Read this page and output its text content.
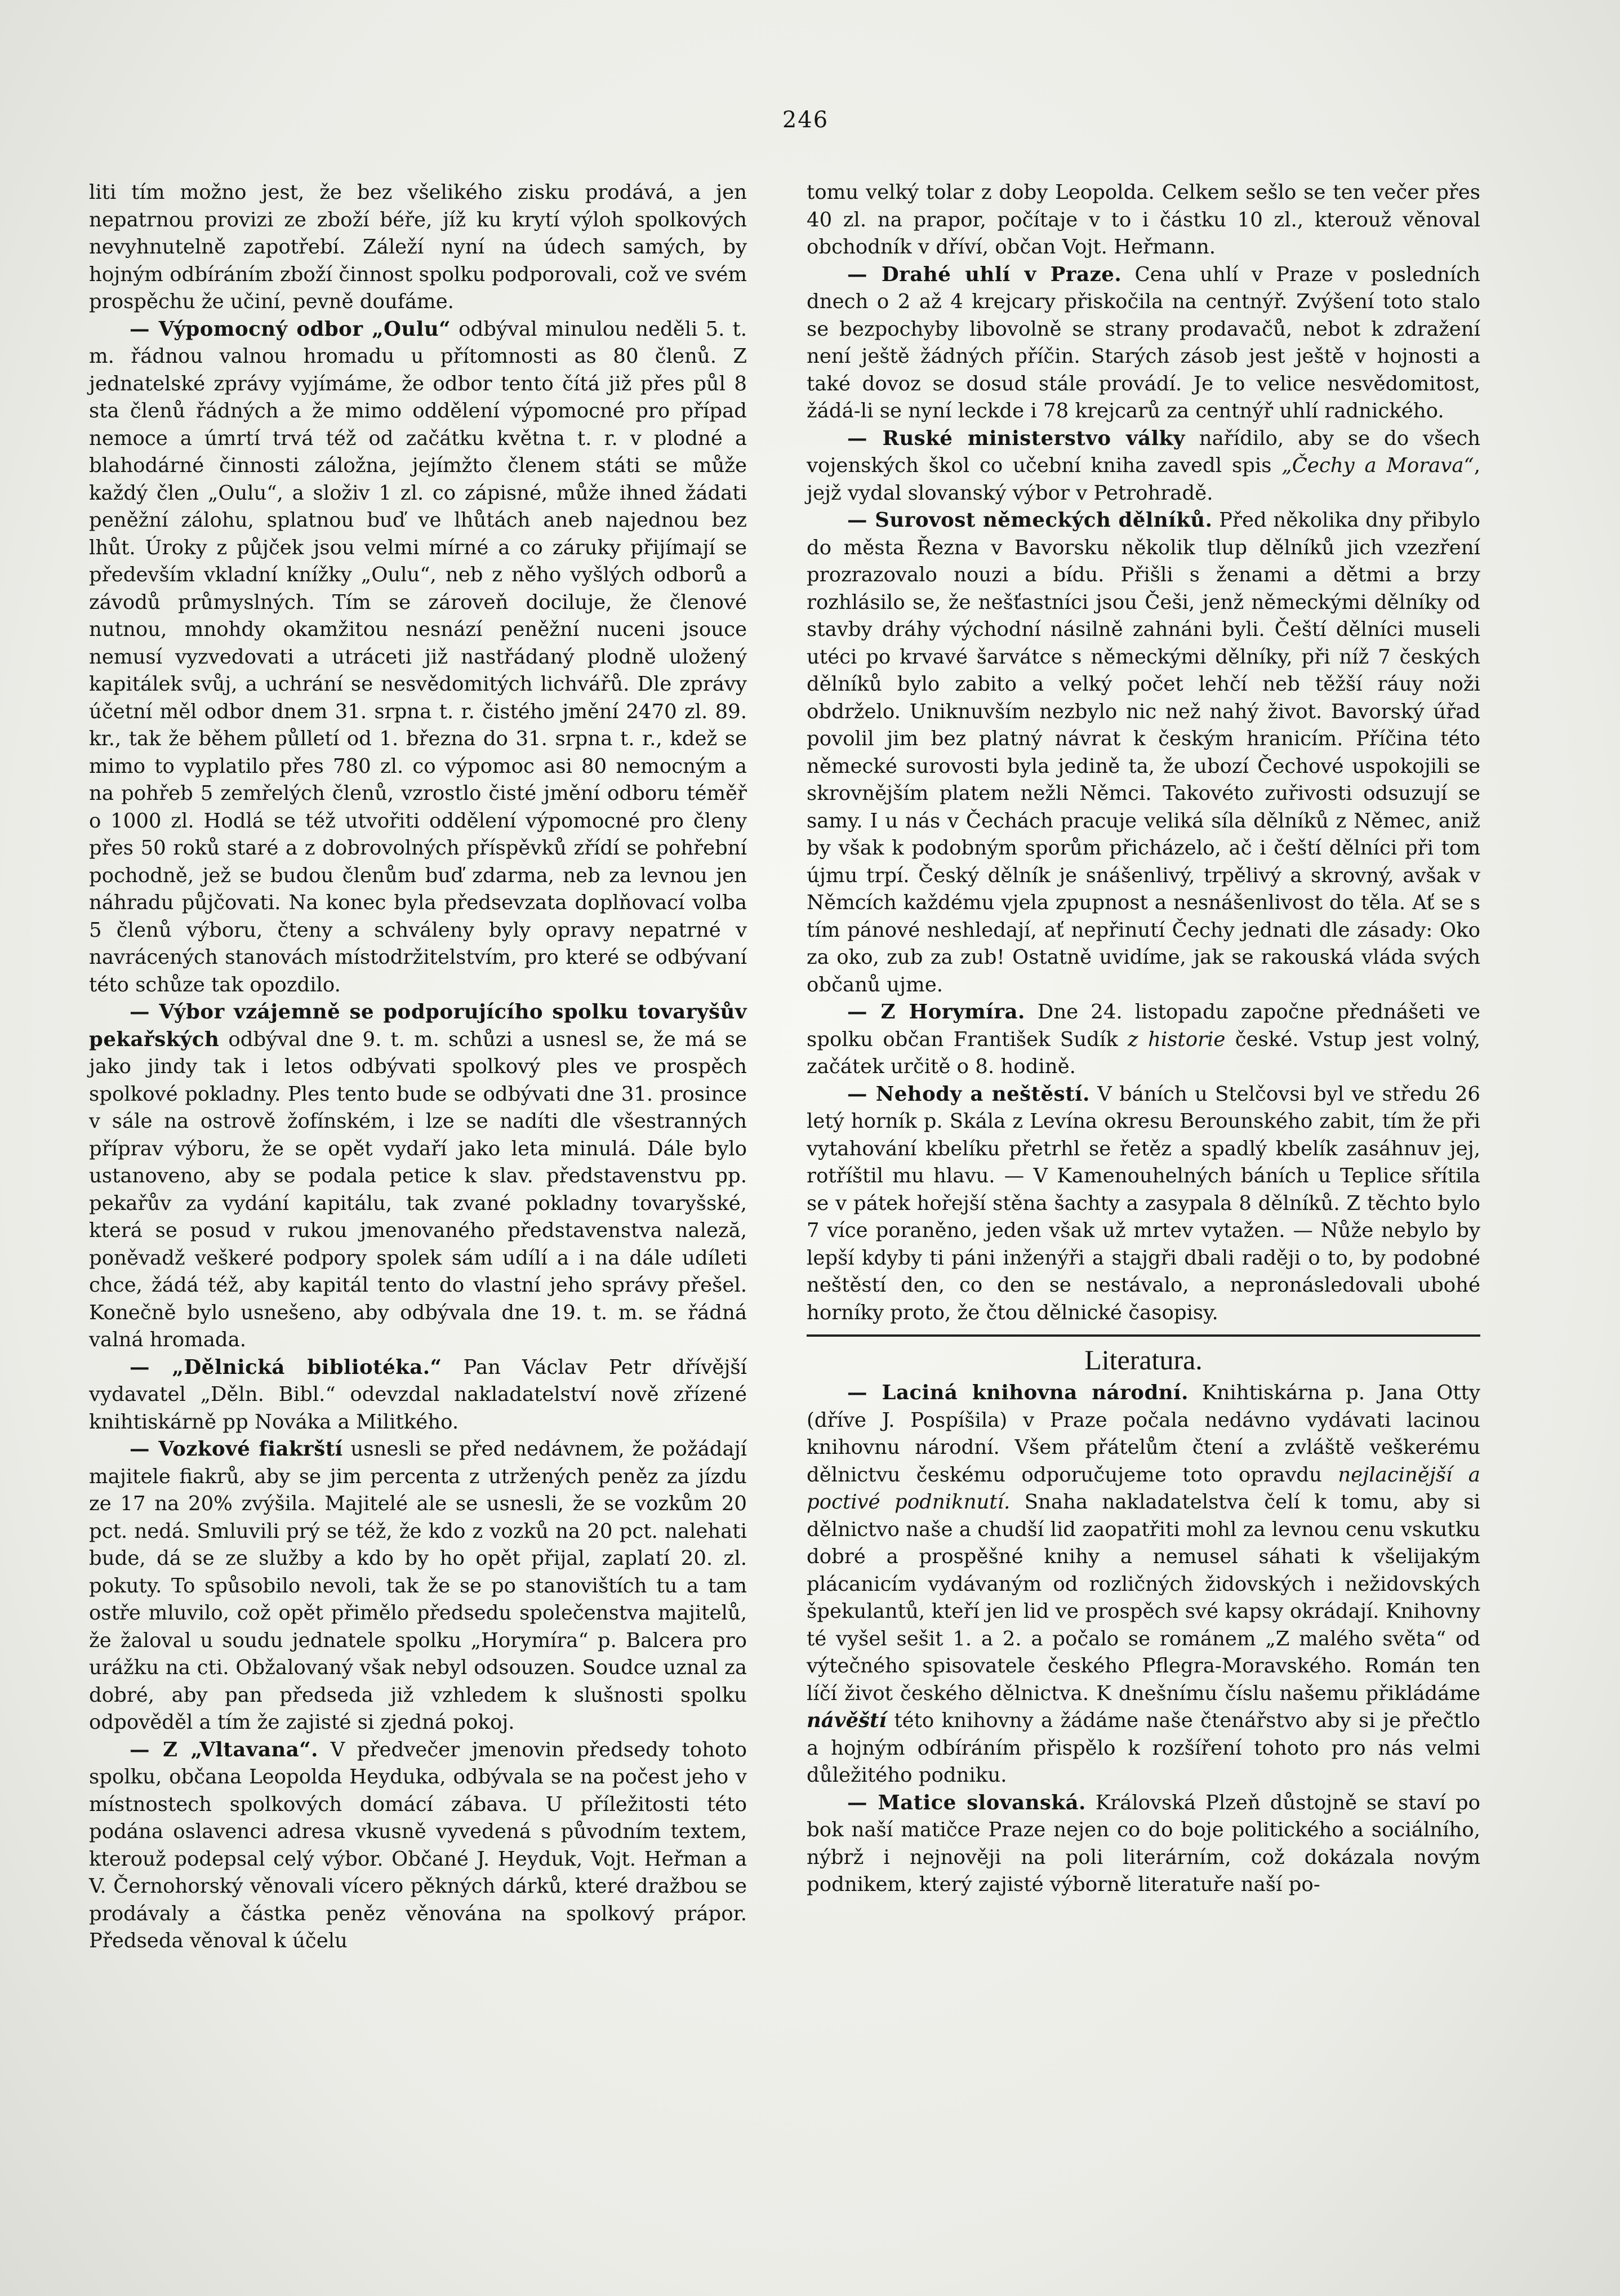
246

liti tím možno jest, že bez všelikého zisku prodává, a jen nepatrnou provizi ze zboží béře, jíž ku krytí výloh spolkových nevyhnutelně zapotřebí. Záleží nyní na údech samých, by hojným odbíráním zboží činnost spolku podporovali, což ve svém prospěchu že učiní, pevně doufáme.

— Výpomocný odbor „Oulu“ odbýval minulou neděli 5. t. m. řádnou valnou hromadu u přítomnosti as 80 členů. Z jednatelské zprávy vyjímáme, že odbor tento čítá již přes půl 8 sta členů řádných a že mimo oddělení výpomocné pro případ nemoce a úmrtí trvá též od začátku května t. r. v plodné a blahodárné činnosti záložna, jejímžto členem státi se může každý člen „Oulu“, a složiv 1 zl. co zápisné, může ihned žádati peněžní zálohu, splatnou buď ve lhůtách aneb najednou bez lhůt. Úroky z půjček jsou velmi mírné a co záruky přijímají se především vkladní knížky „Oulu“, neb z něho vyšlých odborů a závodů průmyslných. Tím se zároveň dociluje, že členové nutnou, mnohdy okamžitou nesnází peněžní nuceni jsouce nemusí vyzvedovati a utráceti již nastřádaný plodně uložený kapitálek svůj, a uchrání se nesvědomitých lichvářů. Dle zprávy účetní měl odbor dnem 31. srpna t. r. čistého jmění 2470 zl. 89. kr., tak že během půlletí od 1. března do 31. srpna t. r., kdež se mimo to vyplatilo přes 780 zl. co výpomoc asi 80 nemocným a na pohřeb 5 zemřelých členů, vzrostlo čisté jmění odboru téměř o 1000 zl. Hodlá se též utvořiti oddělení výpomocné pro členy přes 50 roků staré a z dobrovolných příspěvků zřídí se pohřební pochodně, jež se budou členům buď zdarma, neb za levnou jen náhradu půjčovati. Na konec byla předsevzata doplňovací volba 5 členů výboru, čteny a schváleny byly opravy nepatrné v navrácených stanovách místodržitelstvím, pro které se odbývaní této schůze tak opozdilo.

— Výbor vzájemně se podporujícího spolku tovaryšův pekařských odbýval dne 9. t. m. schůzi a usnesl se, že má se jako jindy tak i letos odbývati spolkový ples ve prospěch spolkové pokladny. Ples tento bude se odbývati dne 31. prosince v sále na ostrově žofínském, i lze se nadíti dle všestranných příprav výboru, že se opět vydaří jako leta minulá. Dále bylo ustanoveno, aby se podala petice k slav. představenstvu pp. pekařův za vydání kapitálu, tak zvané pokladny tovaryšské, která se posud v rukou jmenovaného představenstva naleză, poněvadž veškeré podpory spolek sám udílí a i na dále udíleti chce, žádá též, aby kapitál tento do vlastní jeho správy přešel. Konečně bylo usnešeno, aby odbývala dne 19. t. m. se řádná valná hromada.

— „Dělnická bibliotéka.“ Pan Václav Petr dřívější vydavatel „Děln. Bibl.“ odevzdal nakladatelství nově zřízené knihtiskárně pp Nováka a Militkého.

— Vozkové fiakrští usnesli se před nedávnem, že požádají majitele fiakrů, aby se jim percenta z utržených peněz za jízdu ze 17 na 20% zvýšila. Majitelé ale se usnesli, že se vozkům 20 pct. nedá. Smluvili prý se též, že kdo z vozků na 20 pct. nalehati bude, dá se ze služby a kdo by ho opět přijal, zaplatí 20. zl. pokuty. To spůsobilo nevoli, tak že se po stanovištích tu a tam ostře mluvilo, což opět přimělo předsedu společenstva majitelů, že žaloval u soudu jednatele spolku „Horymíra“ p. Balcera pro urážku na cti. Obžalovaný však nebyl odsouzen. Soudce uznal za dobré, aby pan předseda již vzhledem k slušnosti spolku odpověděl a tím že zajisté si zjedná pokoj.

— Z „Vltavana“. V předvečer jmenovin předsedy tohoto spolku, občana Leopolda Heyduka, odbývala se na počest jeho v místnostech spolkových domácí zábava. U příležitosti této podána oslavenci adresa vkusně vyvedená s původním textem, kterouž podepsal celý výbor. Občané J. Heyduk, Vojt. Heřman a V. Černohorský věnovali vícero pěkných dárků, které dražbou se prodávaly a částka peněz věnována na spolkový prápor. Předseda věnoval k účelu

tomu velký tolar z doby Leopolda. Celkem sešlo se ten večer přes 40 zl. na prapor, počítaje v to i částku 10 zl., kterouž věnoval obchodník v dříví, občan Vojt. Heřmann.

— Drahé uhlí v Praze. Cena uhlí v Praze v posledních dnech o 2 až 4 krejcary přiskočila na centnýř. Zvýšení toto stalo se bezpochyby libovolně se strany prodavačů, nebot k zdražení není ještě žádných příčin. Starých zásob jest ještě v hojnosti a také dovoz se dosud stále provádí. Je to velice nesvědomitost, žádá-li se nyní leckde i 78 krejcarů za centnýř uhlí radnického.

— Ruské ministerstvo války nařídilo, aby se do všech vojenských škol co učební kniha zavedl spis „Čechy a Morava“, jejž vydal slovanský výbor v Petrohradě.

— Surovost německých dělníků. Před několika dny přibylo do města Řezna v Bavorsku několik tlup dělníků jich vzezření prozrazovalo nouzi a bídu. Přišli s ženami a dětmi a brzy rozhlásilo se, že nešťastníci jsou Češi, jenž německými dělníky od stavby dráhy východní násilně zahnáni byli. Čeští dělníci museli utéci po krvavé šarvátce s německými dělníky, při níž 7 českých dělníků bylo zabito a velký počet lehčí neb těžší ráuy noži obdrželo. Uniknuvším nezbylo nic než nahý život. Bavorský úřad povolil jim bez platný návrat k českým hranicím. Příčina této německé surovosti byla jedině ta, že ubozí Čechové uspokojili se skrovnějším platem nežli Němci. Takovéto zuřivosti odsuzují se samy. I u nás v Čechách pracuje veliká síla dělníků z Němec, aniž by však k podobným sporům přicházelo, ač i čeští dělníci při tom újmu trpí. Český dělník je snášenlivý, trpělivý a skrovný, avšak v Němcích každému vjela zpupnost a nesnášenlivost do těla. Ať se s tím pánové neshledají, ať nepřinutí Čechy jednati dle zásady: Oko za oko, zub za zub! Ostatně uvidíme, jak se rakouská vláda svých občanů ujme.

— Z Horymíra. Dne 24. listopadu započne přednášeti ve spolku občan František Sudík z historie české. Vstup jest volný, začátek určitě o 8. hodině.

— Nehody a neštěstí. V báních u Stelčovsi byl ve středu 26 letý horník p. Skála z Levína okresu Berounského zabit, tím že při vytahování kbelíku přetrhl se řetěz a spadlý kbelík zasáhnuv jej, rotříštil mu hlavu. — V Kamenouhelných báních u Teplice sřítila se v pátek hořejší stěna šachty a zasypala 8 dělníků. Z těchto bylo 7 více poraněno, jeden však už mrtev vytažen. — Nůže nebylo by lepší kdyby ti páni inženýři a stajgři dbali raději o to, by podobné neštěstí den, co den se nestávalo, a nepronásledovali ubohé horníky proto, že čtou dělnické časopisy.

Literatura.

— Laciná knihovna národní. Knihtiskárna p. Jana Otty (dříve J. Pospíšila) v Praze počala nedávno vydávati lacinou knihovnu národní. Všem přátelům čtení a zvláště veškerému dělnictvu českému odporučujeme toto opravdu nejlacinější a poctivé podniknutí. Snaha nakladatelstva čelí k tomu, aby si dělnictvo naše a chudší lid zaopatřiti mohl za levnou cenu vskutku dobré a prospěšné knihy a nemusel sáhati k všelijakým plácanicím vydávaným od rozličných židovských i nežidovských špekulantů, kteří jen lid ve prospěch své kapsy okrádají. Knihovny té vyšel sešit 1. a 2. a počalo se románem „Z malého světa“ od výtečného spisovatele českého Pflegra-Moravského. Román ten líčí život českého dělnictva. K dnešnímu číslu našemu přikládáme návěští této knihovny a žádáme naše čtenářstvo aby si je přečtlo a hojným odbíráním přispělo k rozšíření tohoto pro nás velmi důležitého podniku.

— Matice slovanská. Královská Plzeň důstojně se staví po bok naší matičce Praze nejen co do boje politického a sociálního, nýbrž i nejnověji na poli literárním, což dokázala novým podnikem, který zajisté výborně literatuře naší po-
